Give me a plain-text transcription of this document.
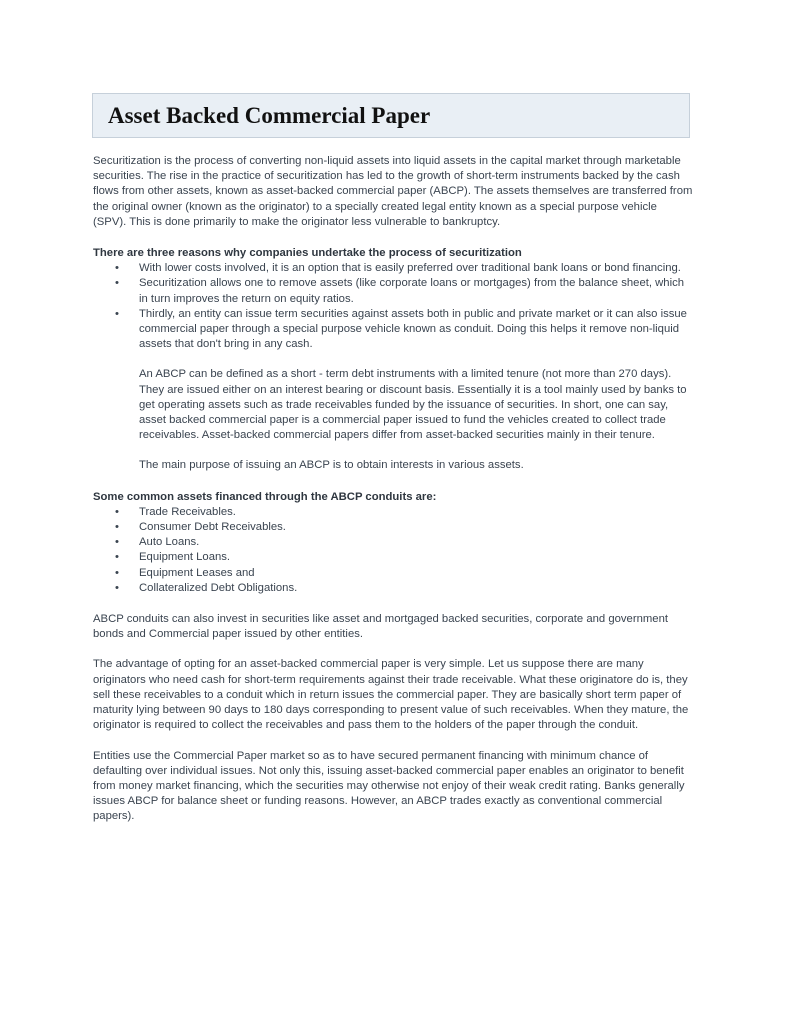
Asset Backed Commercial Paper

Securitization is the process of converting non-liquid assets into liquid assets in the capital market through marketable securities. The rise in the practice of securitization has led to the growth of short-term instruments backed by the cash flows from other assets, known as asset-backed commercial paper (ABCP). The assets themselves are transferred from the original owner (known as the originator) to a specially created legal entity known as a special purpose vehicle (SPV). This is done primarily to make the originator less vulnerable to bankruptcy.

There are three reasons why companies undertake the process of securitization

• With lower costs involved, it is an option that is easily preferred over traditional bank loans or bond financing.
• Securitization allows one to remove assets (like corporate loans or mortgages) from the balance sheet, which in turn improves the return on equity ratios.
• Thirdly, an entity can issue term securities against assets both in public and private market or it can also issue commercial paper through a special purpose vehicle known as conduit. Doing this helps it remove non-liquid assets that don't bring in any cash.

An ABCP can be defined as a short - term debt instruments with a limited tenure (not more than 270 days). They are issued either on an interest bearing or discount basis. Essentially it is a tool mainly used by banks to get operating assets such as trade receivables funded by the issuance of securities. In short, one can say, asset backed commercial paper is a commercial paper issued to fund the vehicles created to collect trade receivables. Asset-backed commercial papers differ from asset-backed securities mainly in their tenure.

The main purpose of issuing an ABCP is to obtain interests in various assets.

Some common assets financed through the ABCP conduits are:

• Trade Receivables.
• Consumer Debt Receivables.
• Auto Loans.
• Equipment Loans.
• Equipment Leases and
• Collateralized Debt Obligations.

ABCP conduits can also invest in securities like asset and mortgaged backed securities, corporate and government bonds and Commercial paper issued by other entities.

The advantage of opting for an asset-backed commercial paper is very simple. Let us suppose there are many originators who need cash for short-term requirements against their trade receivable. What these originatore do is, they sell these receivables to a conduit which in return issues the commercial paper. They are basically short term paper of maturity lying between 90 days to 180 days corresponding to present value of such receivables. When they mature, the originator is required to collect the receivables and pass them to the holders of the paper through the conduit.

Entities use the Commercial Paper market so as to have secured permanent financing with minimum chance of defaulting over individual issues. Not only this, issuing asset-backed commercial paper enables an originator to benefit from money market financing, which the securities may otherwise not enjoy of their weak credit rating. Banks generally issues ABCP for balance sheet or funding reasons. However, an ABCP trades exactly as conventional commercial papers).
